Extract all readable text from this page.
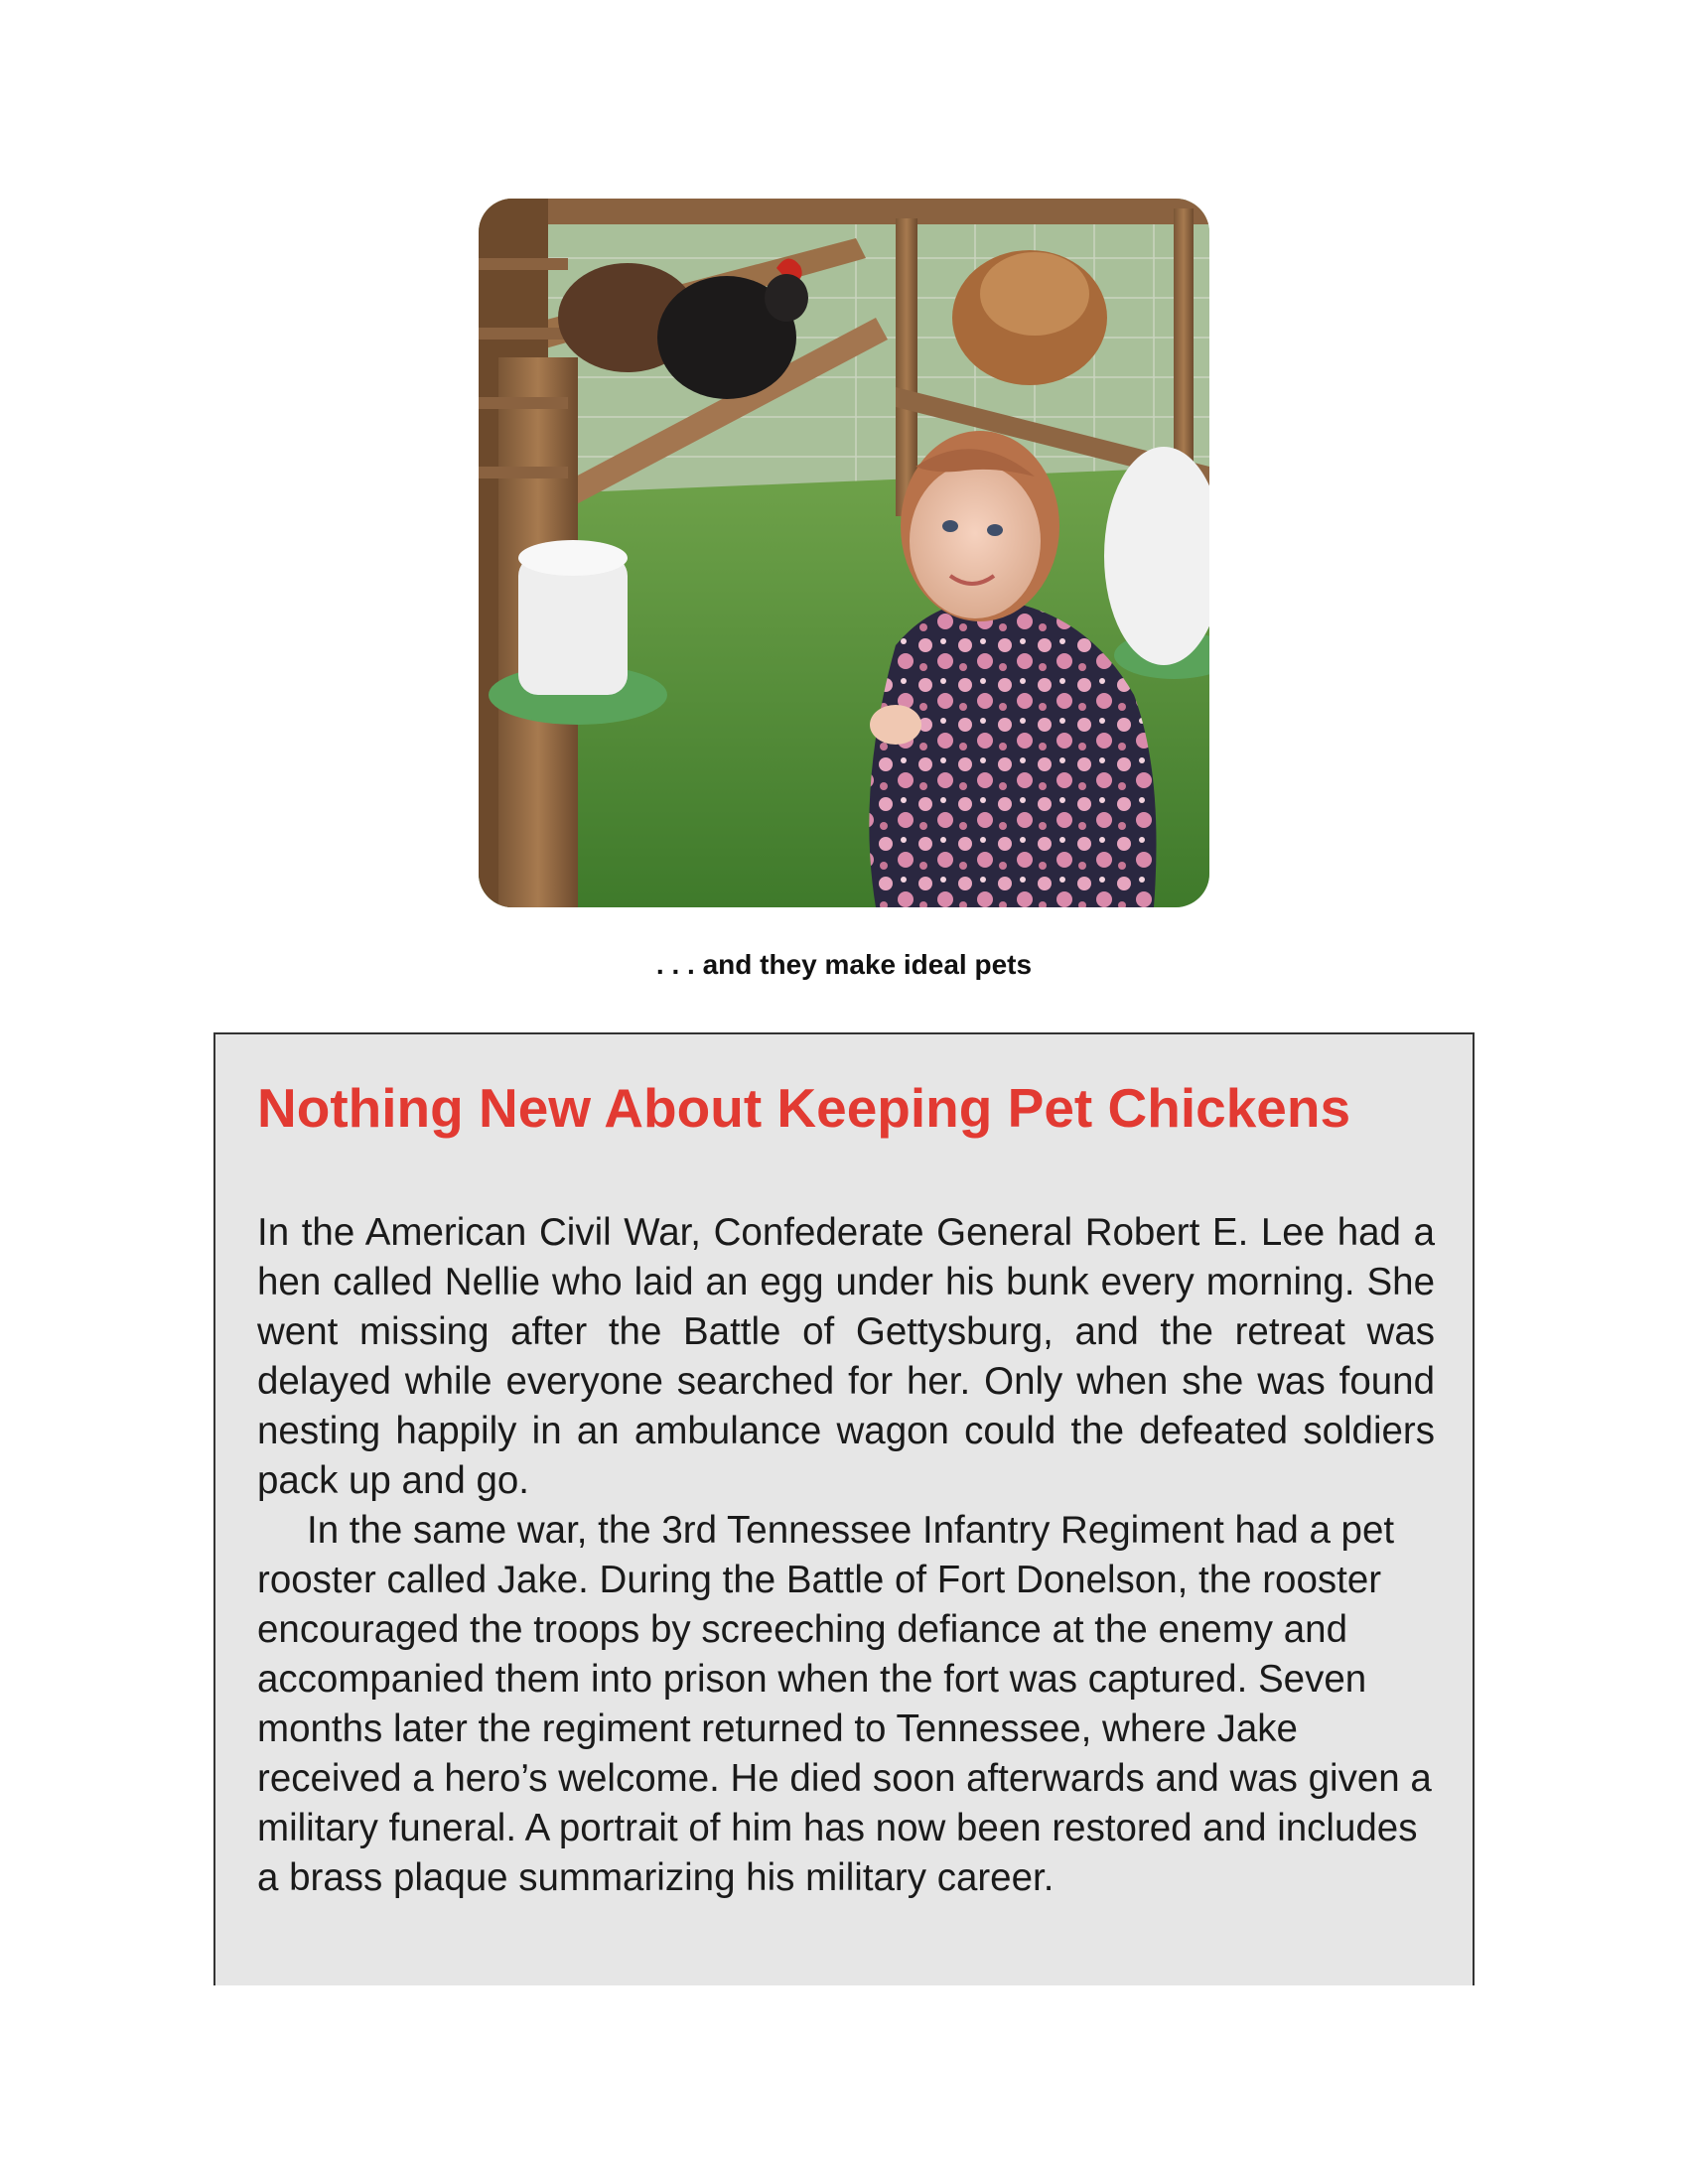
. . . and they make ideal pets
Nothing New About Keeping Pet Chickens

In the American Civil War, Confederate General Robert E. Lee had a hen called Nellie who laid an egg under his bunk every morning. She went missing after the Battle of Gettysburg, and the retreat was delayed while everyone searched for her. Only when she was found nesting happily in an ambulance wagon could the defeated soldiers pack up and go.

In the same war, the 3rd Tennessee Infantry Regiment had a pet rooster called Jake. During the Battle of Fort Donelson, the rooster encouraged the troops by screeching defiance at the enemy and accompanied them into prison when the fort was captured. Seven months later the regiment returned to Tennessee, where Jake received a hero’s welcome. He died soon afterwards and was given a military funeral. A portrait of him has now been restored and includes a brass plaque summarizing his military career.
